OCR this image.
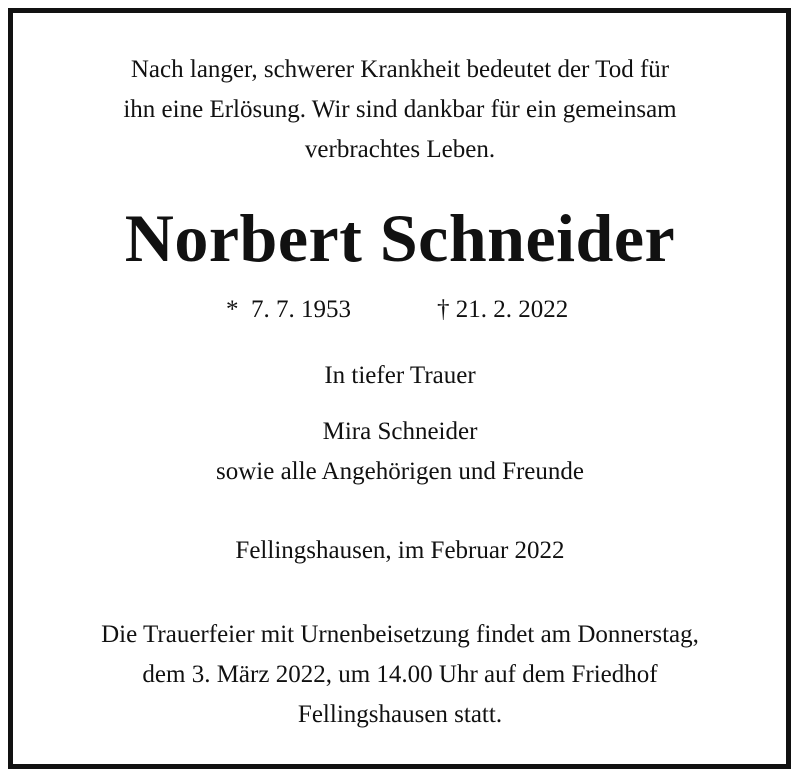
Nach langer, schwerer Krankheit bedeutet der Tod für
ihn eine Erlösung. Wir sind dankbar für ein gemeinsam
verbrachtes Leben.
Norbert Schneider
*  7. 7. 1953	† 21. 2. 2022
In tiefer Trauer
Mira Schneider
sowie alle Angehörigen und Freunde
Fellingshausen, im Februar 2022
Die Trauerfeier mit Urnenbeisetzung findet am Donnerstag,
dem 3. März 2022, um 14.00 Uhr auf dem Friedhof
Fellingshausen statt.
